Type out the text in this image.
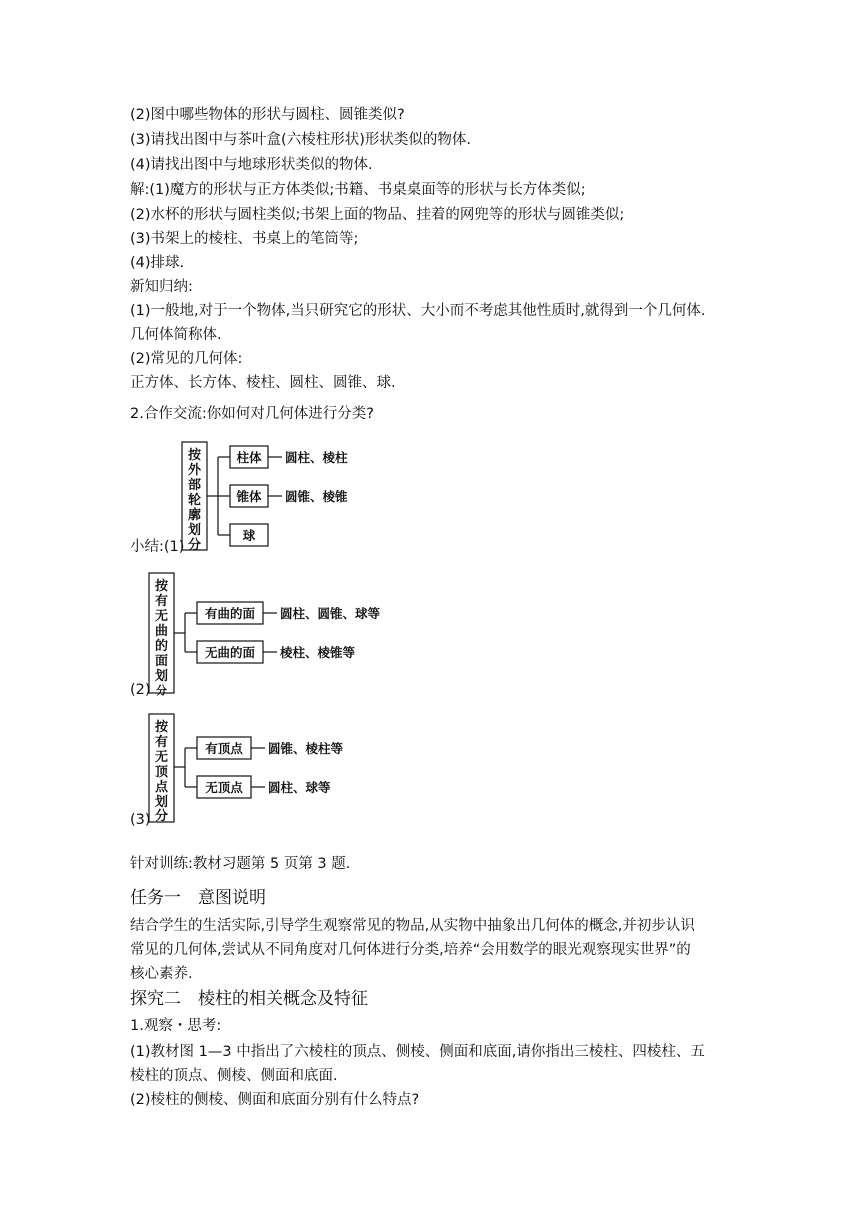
(2)图中哪些物体的形状与圆柱、圆锥类似?
(3)请找出图中与茶叶盒(六棱柱形状)形状类似的物体.
(4)请找出图中与地球形状类似的物体.
解:(1)魔方的形状与正方体类似;书籍、书桌桌面等的形状与长方体类似;
(2)水杯的形状与圆柱类似;书架上面的物品、挂着的网兜等的形状与圆锥类似;
(3)书架上的棱柱、书桌上的笔筒等;
(4)排球.
新知归纳:
(1)一般地,对于一个物体,当只研究它的形状、大小而不考虑其他性质时,就得到一个几何体.
几何体简称体.
(2)常见的几何体:
正方体、长方体、棱柱、圆柱、圆锥、球.
2.合作交流:你如何对几何体进行分类?
按
外
部
轮
廓
划
分
柱体 圆柱、棱柱
锥体 圆锥、棱锥
球
按
有
无
曲
的
面
划
分
有曲的面 圆柱、圆锥、球等
无曲的面 棱柱、棱锥等
按
有
无
顶
点
划
分
有顶点 圆锥、棱柱等
无顶点 圆柱、球等
小结:(1)
(2)
(3)
针对训练:教材习题第 5 页第 3 题.
任务一　意图说明
结合学生的生活实际,引导学生观察常见的物品,从实物中抽象出几何体的概念,并初步认识
常见的几何体,尝试从不同角度对几何体进行分类,培养“会用数学的眼光观察现实世界”的
核心素养.
探究二　棱柱的相关概念及特征
1.观察・思考:
(1)教材图 1—3 中指出了六棱柱的顶点、侧棱、侧面和底面,请你指出三棱柱、四棱柱、五
棱柱的顶点、侧棱、侧面和底面.
(2)棱柱的侧棱、侧面和底面分别有什么特点?
